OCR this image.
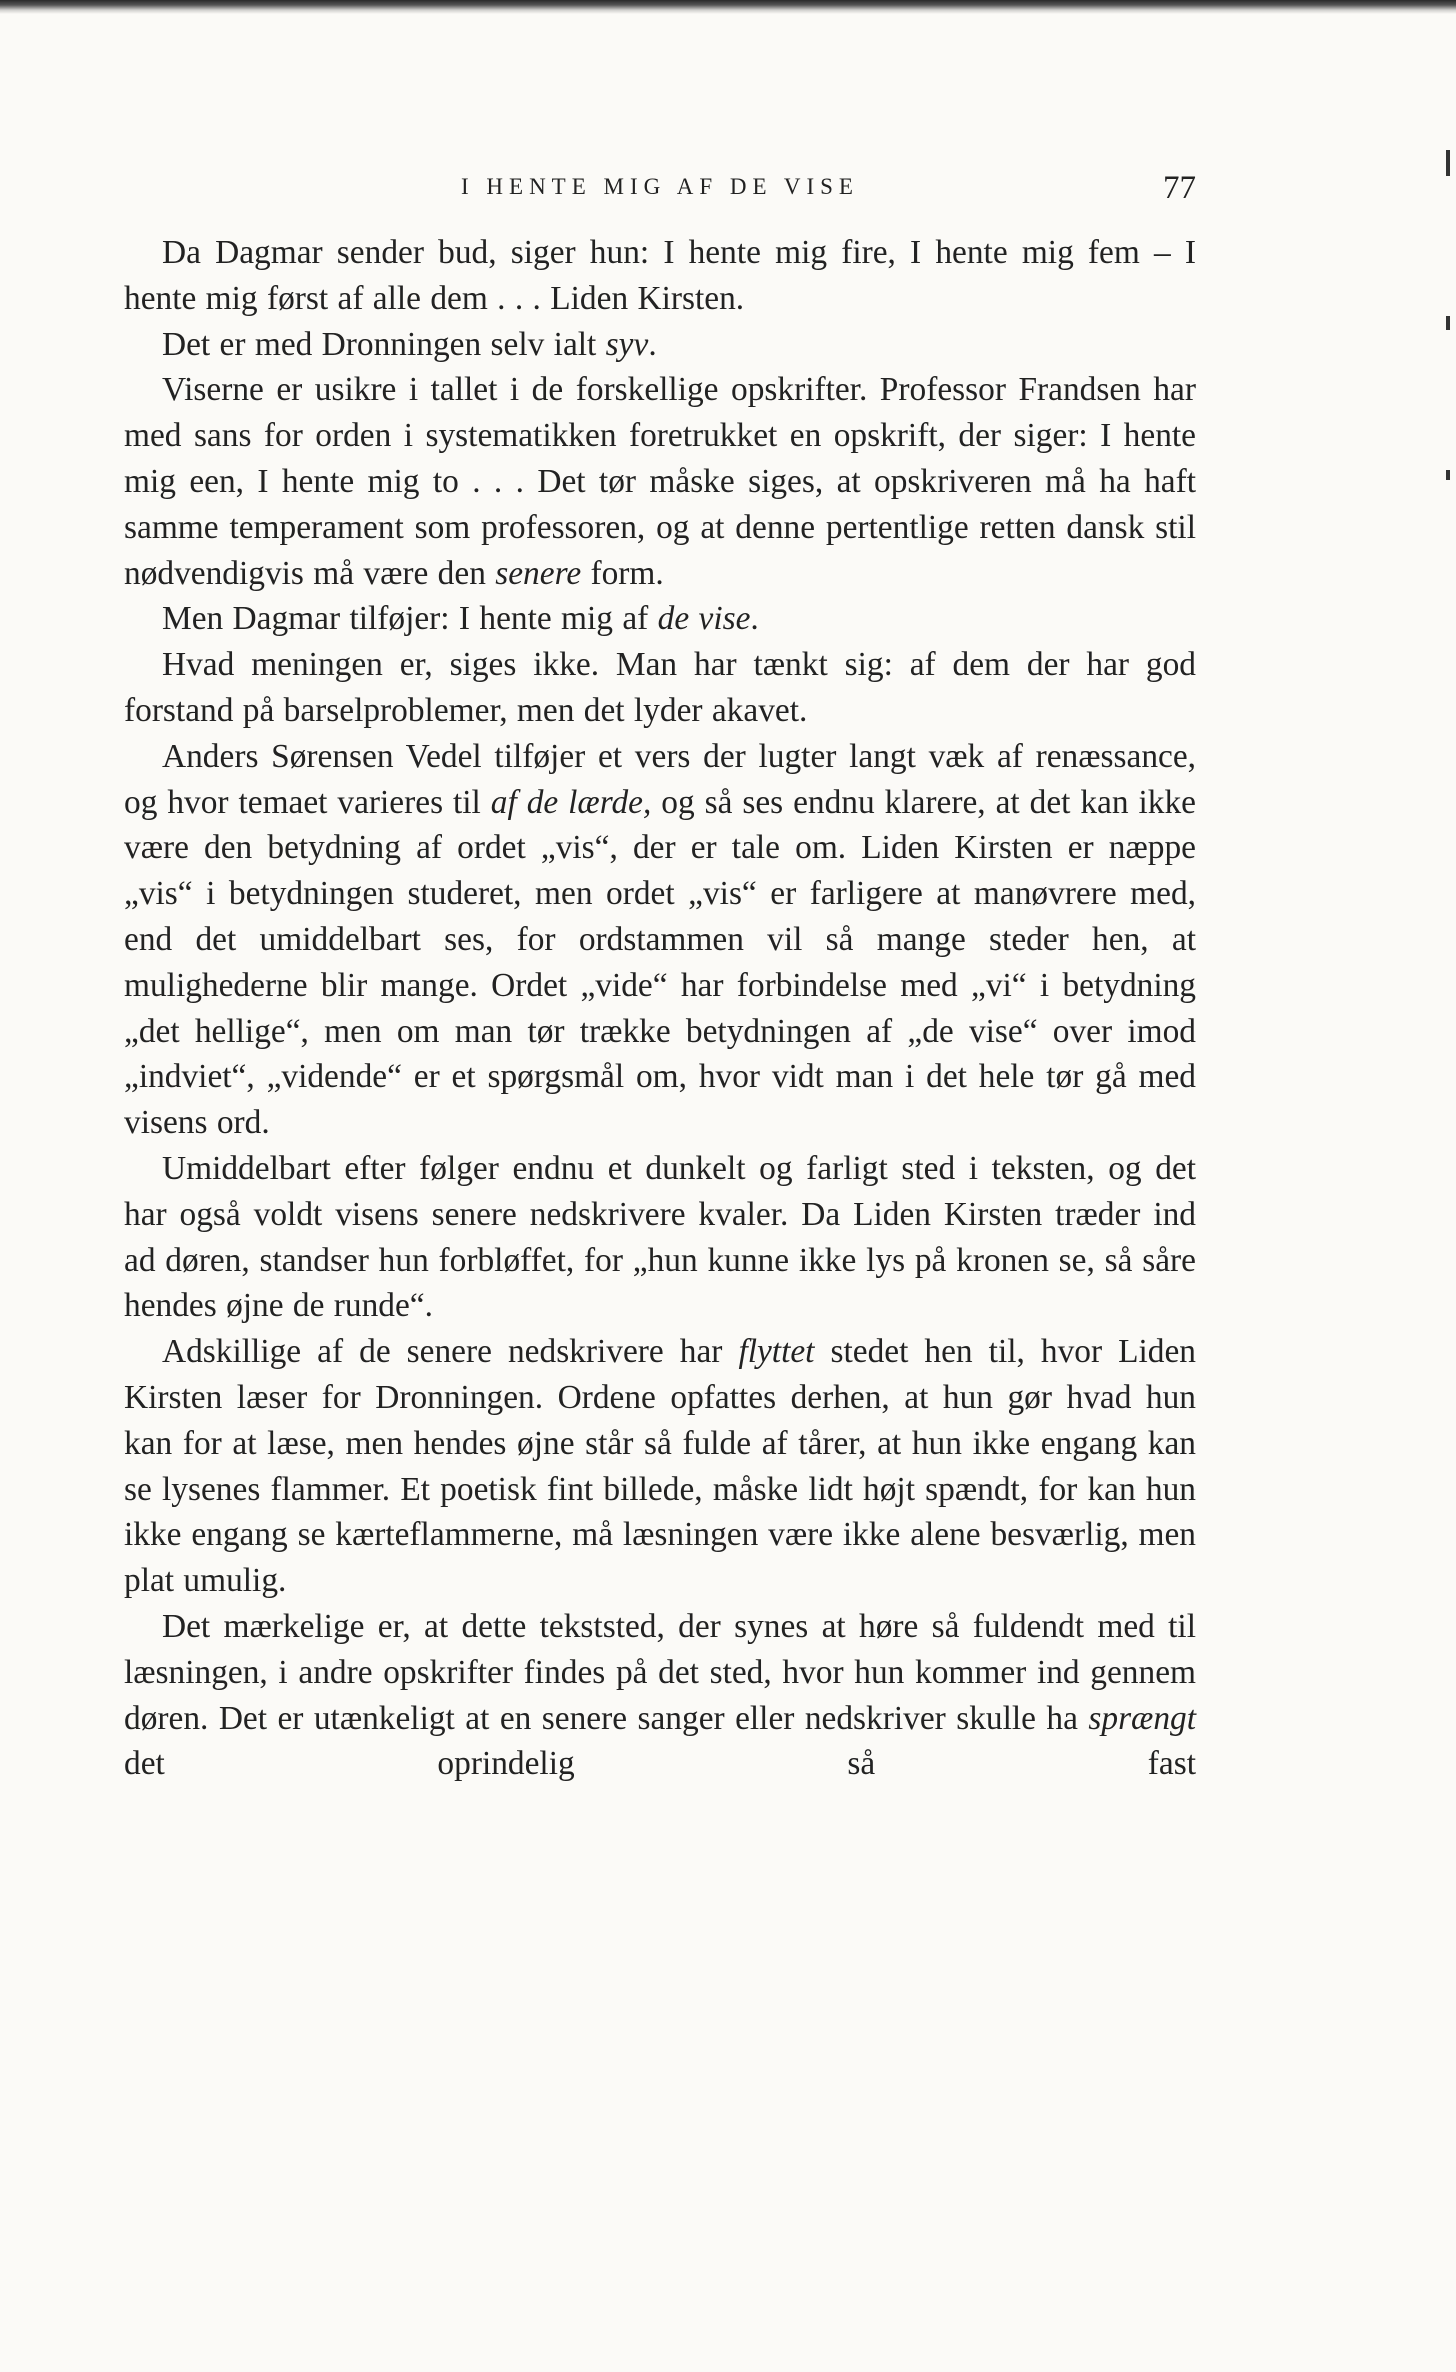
I HENTE MIG AF DE VISE	77

Da Dagmar sender bud, siger hun: I hente mig fire, I hente mig fem – I hente mig først af alle dem . . . Liden Kirsten.

Det er med Dronningen selv ialt syv.

Viserne er usikre i tallet i de forskellige opskrifter. Professor Frandsen har med sans for orden i systematikken foretrukket en opskrift, der siger: I hente mig een, I hente mig to . . . Det tør måske siges, at opskriveren må ha haft samme temperament som professoren, og at denne pertentlige retten dansk stil nødvendigvis må være den senere form.

Men Dagmar tilføjer: I hente mig af de vise.

Hvad meningen er, siges ikke. Man har tænkt sig: af dem der har god forstand på barselproblemer, men det lyder akavet.

Anders Sørensen Vedel tilføjer et vers der lugter langt væk af renæssance, og hvor temaet varieres til af de lærde, og så ses endnu klarere, at det kan ikke være den betydning af ordet „vis“, der er tale om. Liden Kirsten er næppe „vis“ i betydningen studeret, men ordet „vis“ er farligere at manøvrere med, end det umiddelbart ses, for ordstammen vil så mange steder hen, at mulighederne blir mange. Ordet „vide“ har forbindelse med „vi“ i betydning „det hellige“, men om man tør trække betydningen af „de vise“ over imod „indviet“, „vidende“ er et spørgsmål om, hvor vidt man i det hele tør gå med visens ord.

Umiddelbart efter følger endnu et dunkelt og farligt sted i teksten, og det har også voldt visens senere nedskrivere kvaler. Da Liden Kirsten træder ind ad døren, standser hun forbløffet, for „hun kunne ikke lys på kronen se, så såre hendes øjne de runde“.

Adskillige af de senere nedskrivere har flyttet stedet hen til, hvor Liden Kirsten læser for Dronningen. Ordene opfattes derhen, at hun gør hvad hun kan for at læse, men hendes øjne står så fulde af tårer, at hun ikke engang kan se lysenes flammer. Et poetisk fint billede, måske lidt højt spændt, for kan hun ikke engang se kærteflammerne, må læsningen være ikke alene besværlig, men plat umulig.

Det mærkelige er, at dette tekststed, der synes at høre så fuldendt med til læsningen, i andre opskrifter findes på det sted, hvor hun kommer ind gennem døren. Det er utænkeligt at en senere sanger eller nedskriver skulle ha sprængt det oprindelig så fast
